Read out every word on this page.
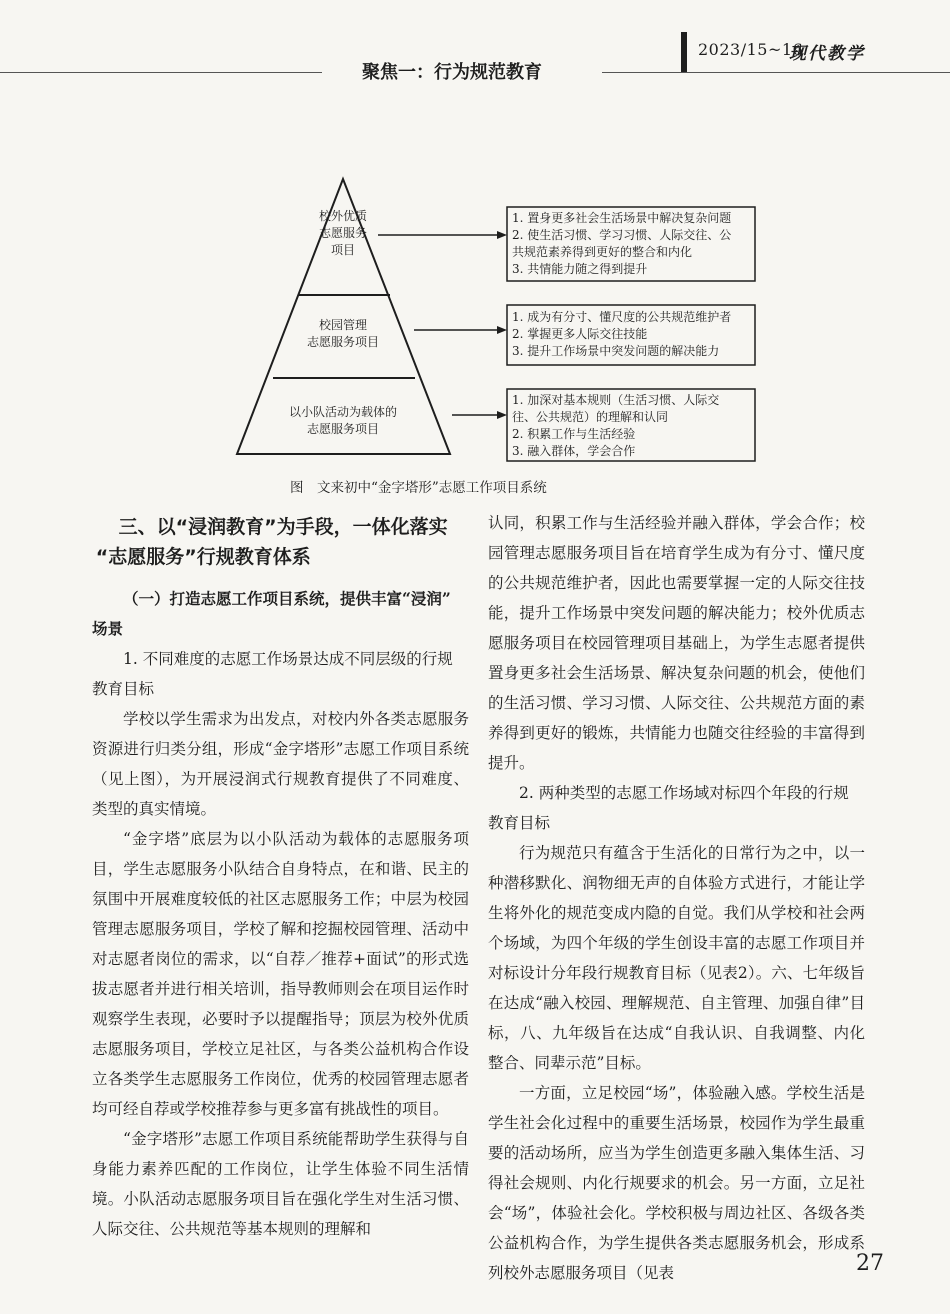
2023/15~16
现代教学
聚焦一：行为规范教育
校外优质
志愿服务
项目
校园管理
志愿服务项目
以小队活动为载体的
志愿服务项目
1. 置身更多社会生活场景中解决复杂问题
2. 使生活习惯、学习习惯、人际交往、公
共规范素养得到更好的整合和内化
3. 共情能力随之得到提升
1. 成为有分寸、懂尺度的公共规范维护者
2. 掌握更多人际交往技能
3. 提升工作场景中突发问题的解决能力
1. 加深对基本规则（生活习惯、人际交
往、公共规范）的理解和认同
2. 积累工作与生活经验
3. 融入群体，学会合作
图　文来初中“金字塔形”志愿工作项目系统
三、以“浸润教育”为手段，一体化落实
“志愿服务”行规教育体系
（一）打造志愿工作项目系统，提供丰富“浸润”
场景
1. 不同难度的志愿工作场景达成不同层级的行规
教育目标

学校以学生需求为出发点，对校内外各类志愿服务资源进行归类分组，形成“金字塔形”志愿工作项目系统（见上图），为开展浸润式行规教育提供了不同难度、类型的真实情境。

“金字塔”底层为以小队活动为载体的志愿服务项目，学生志愿服务小队结合自身特点，在和谐、民主的氛围中开展难度较低的社区志愿服务工作；中层为校园管理志愿服务项目，学校了解和挖掘校园管理、活动中对志愿者岗位的需求，以“自荐／推荐+面试”的形式选拔志愿者并进行相关培训，指导教师则会在项目运作时观察学生表现，必要时予以提醒指导；顶层为校外优质志愿服务项目，学校立足社区，与各类公益机构合作设立各类学生志愿服务工作岗位，优秀的校园管理志愿者均可经自荐或学校推荐参与更多富有挑战性的项目。

“金字塔形”志愿工作项目系统能帮助学生获得与自身能力素养匹配的工作岗位，让学生体验不同生活情境。小队活动志愿服务项目旨在强化学生对生活习惯、人际交往、公共规范等基本规则的理解和

认同，积累工作与生活经验并融入群体，学会合作；校园管理志愿服务项目旨在培育学生成为有分寸、懂尺度的公共规范维护者，因此也需要掌握一定的人际交往技能，提升工作场景中突发问题的解决能力；校外优质志愿服务项目在校园管理项目基础上，为学生志愿者提供置身更多社会生活场景、解决复杂问题的机会，使他们的生活习惯、学习习惯、人际交往、公共规范方面的素养得到更好的锻炼，共情能力也随交往经验的丰富得到提升。

2. 两种类型的志愿工作场域对标四个年段的行规
教育目标

行为规范只有蕴含于生活化的日常行为之中，以一种潜移默化、润物细无声的自体验方式进行，才能让学生将外化的规范变成内隐的自觉。我们从学校和社会两个场域，为四个年级的学生创设丰富的志愿工作项目并对标设计分年段行规教育目标（见表2）。六、七年级旨在达成“融入校园、理解规范、自主管理、加强自律”目标，八、九年级旨在达成“自我认识、自我调整、内化整合、同辈示范”目标。

一方面，立足校园“场”，体验融入感。学校生活是学生社会化过程中的重要生活场景，校园作为学生最重要的活动场所，应当为学生创造更多融入集体生活、习得社会规则、内化行规要求的机会。另一方面，立足社会“场”，体验社会化。学校积极与周边社区、各级各类公益机构合作，为学生提供各类志愿服务机会，形成系列校外志愿服务项目（见表	27
